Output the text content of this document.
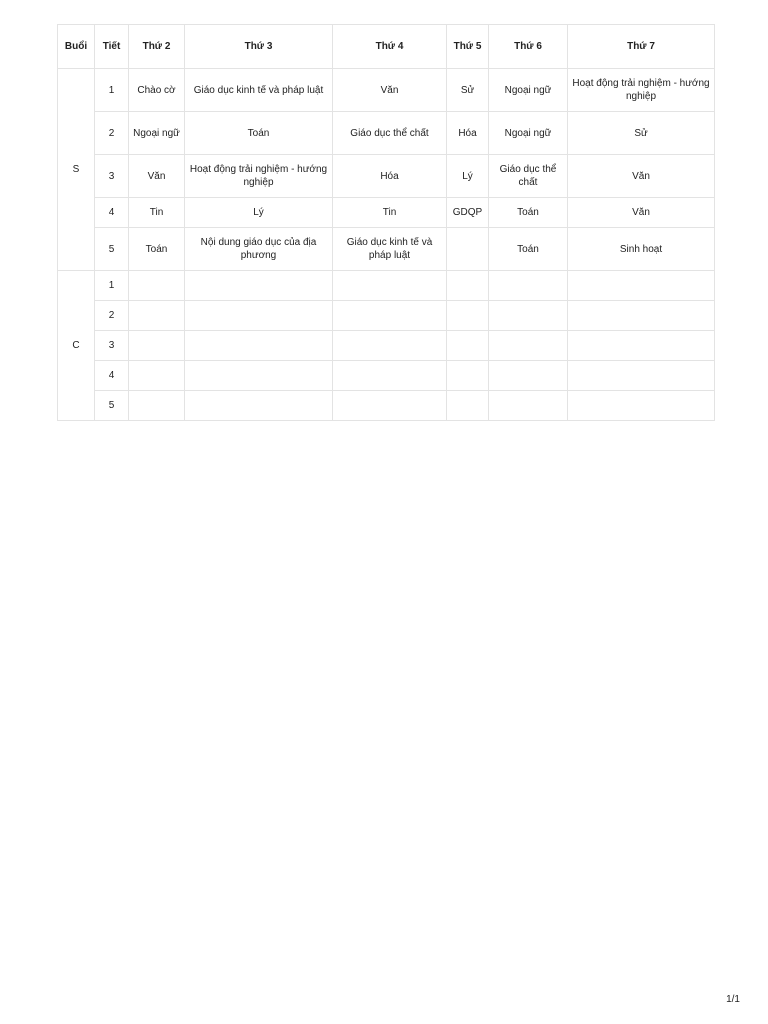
Buổi	Tiết	Thứ 2	Thứ 3	Thứ 4	Thứ 5	Thứ 6	Thứ 7
S	1	Chào cờ	Giáo dục kinh tế và pháp luật	Văn	Sử	Ngoại ngữ	Hoạt động trải nghiệm - hướng nghiệp
	2	Ngoại ngữ	Toán	Giáo dục thể chất	Hóa	Ngoại ngữ	Sử
	3	Văn	Hoạt động trải nghiệm - hướng nghiệp	Hóa	Lý	Giáo dục thể chất	Văn
	4	Tin	Lý	Tin	GDQP	Toán	Văn
	5	Toán	Nội dung giáo dục của địa phương	Giáo dục kinh tế và pháp luật		Toán	Sinh hoạt
C	1						
	2						
	3						
	4						
	5						
1/1
